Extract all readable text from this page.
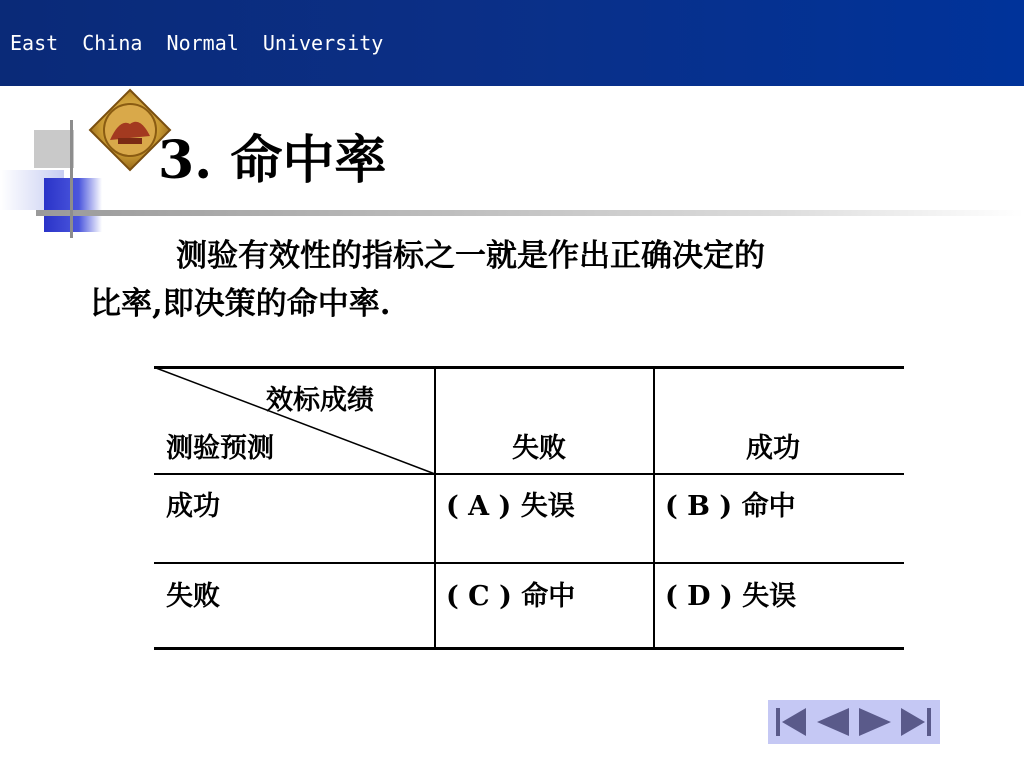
East  China  Normal  University
3. 命中率
测验有效性的指标之一就是作出正确决定的
比率,即决策的命中率.
效标成绩
测验预测	失败	成功
成功	( A ) 失误	( B ) 命中
失败	( C ) 命中	( D ) 失误
